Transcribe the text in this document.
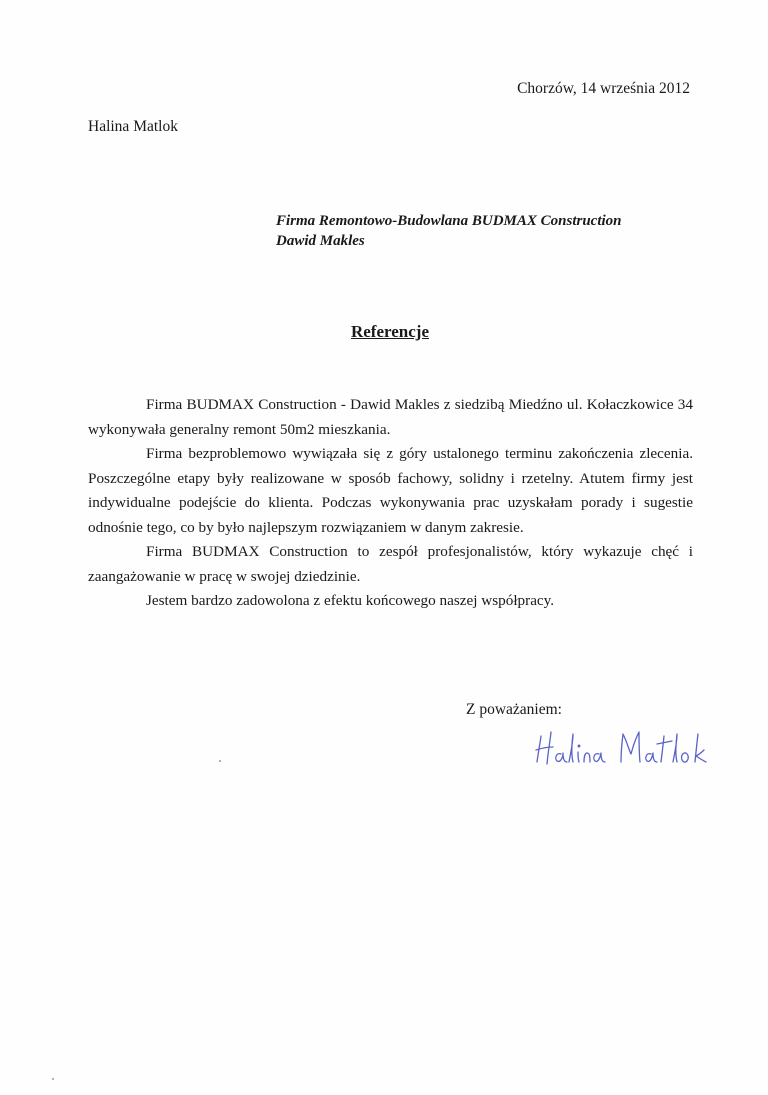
Chorzów, 14 września 2012
Halina Matlok
Firma Remontowo-Budowlana BUDMAX Construction
Dawid Makles
Referencje

Firma BUDMAX Construction - Dawid Makles z siedzibą Miedźno ul. Kołaczkowice 34 wykonywała generalny remont 50m2 mieszkania.

Firma bezproblemowo wywiązała się z góry ustalonego terminu zakończenia zlecenia. Poszczególne etapy były realizowane w sposób fachowy, solidny i rzetelny. Atutem firmy jest indywidualne podejście do klienta. Podczas wykonywania prac uzyskałam porady i sugestie odnośnie tego, co by było najlepszym rozwiązaniem w danym zakresie.

Firma BUDMAX Construction to zespół profesjonalistów, który wykazuje chęć i zaangażowanie w pracę w swojej dziedzinie.

Jestem bardzo zadowolona z efektu końcowego naszej współpracy.

Z poważaniem:
